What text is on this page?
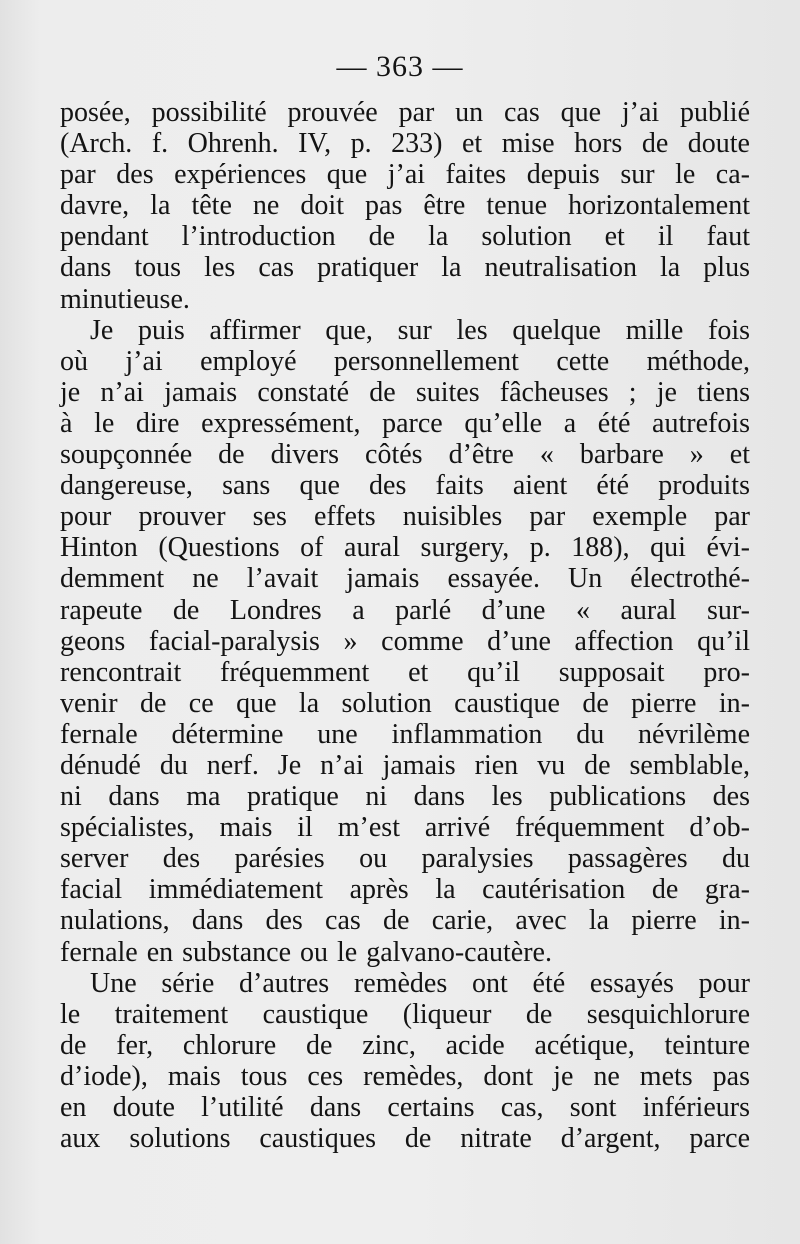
— 363 —
posée, possibilité prouvée par un cas que j’ai publié
(Arch. f. Ohrenh. IV, p. 233) et mise hors de doute
par des expériences que j’ai faites depuis sur le ca-
davre, la tête ne doit pas être tenue horizontalement
pendant l’introduction de la solution et il faut
dans tous les cas pratiquer la neutralisation la plus
minutieuse.
Je puis affirmer que, sur les quelque mille fois
où j’ai employé personnellement cette méthode,
je n’ai jamais constaté de suites fâcheuses ; je tiens
à le dire expressément, parce qu’elle a été autrefois
soupçonnée de divers côtés d’être « barbare » et
dangereuse, sans que des faits aient été produits
pour prouver ses effets nuisibles par exemple par
Hinton (Questions of aural surgery, p. 188), qui évi-
demment ne l’avait jamais essayée. Un électrothé-
rapeute de Londres a parlé d’une « aural sur-
geons facial-paralysis » comme d’une affection qu’il
rencontrait fréquemment et qu’il supposait pro-
venir de ce que la solution caustique de pierre in-
fernale détermine une inflammation du névrilème
dénudé du nerf. Je n’ai jamais rien vu de semblable,
ni dans ma pratique ni dans les publications des
spécialistes, mais il m’est arrivé fréquemment d’ob-
server des parésies ou paralysies passagères du
facial immédiatement après la cautérisation de gra-
nulations, dans des cas de carie, avec la pierre in-
fernale en substance ou le galvano-cautère.
Une série d’autres remèdes ont été essayés pour
le traitement caustique (liqueur de sesquichlorure
de fer, chlorure de zinc, acide acétique, teinture
d’iode), mais tous ces remèdes, dont je ne mets pas
en doute l’utilité dans certains cas, sont inférieurs
aux solutions caustiques de nitrate d’argent, parce
